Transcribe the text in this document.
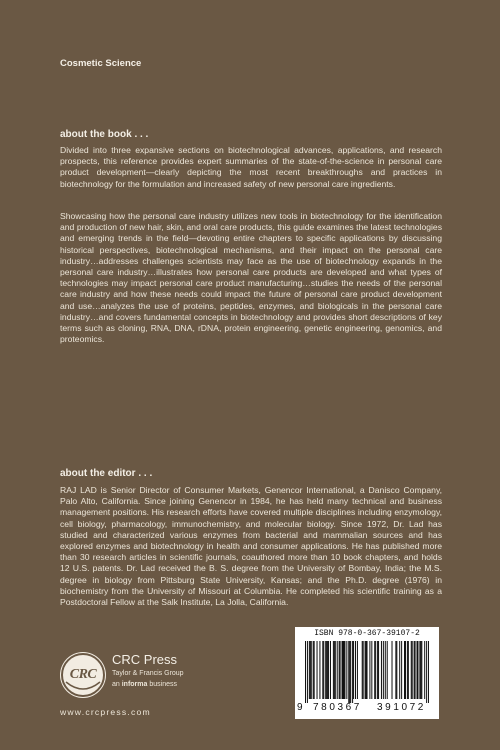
Cosmetic Science
about the book . . .

Divided into three expansive sections on biotechnological advances, applications, and research prospects, this reference provides expert summaries of the state-of-the-science in personal care product development—clearly depicting the most recent breakthroughs and practices in biotechnology for the formulation and increased safety of new personal care ingredients.

Showcasing how the personal care industry utilizes new tools in biotechnology for the identification and production of new hair, skin, and oral care products, this guide examines the latest technologies and emerging trends in the field—devoting entire chapters to specific applications by discussing historical perspectives, biotechnological mechanisms, and their impact on the personal care industry…addresses challenges scientists may face as the use of biotechnology expands in the personal care industry…illustrates how personal care products are developed and what types of technologies may impact personal care product manufacturing…studies the needs of the personal care industry and how these needs could impact the future of personal care product development and use…analyzes the use of proteins, peptides, enzymes, and biologicals in the personal care industry…and covers fundamental concepts in biotechnology and provides short descriptions of key terms such as cloning, RNA, DNA, rDNA, protein engineering, genetic engineering, genomics, and proteomics.

about the editor . . .

RAJ LAD is Senior Director of Consumer Markets, Genencor International, a Danisco Company, Palo Alto, California. Since joining Genencor in 1984, he has held many technical and business management positions. His research efforts have covered multiple disciplines including enzymology, cell biology, pharmacology, immunochemistry, and molecular biology. Since 1972, Dr. Lad has studied and characterized various enzymes from bacterial and mammalian sources and has explored enzymes and biotechnology in health and consumer applications. He has published more than 30 research articles in scientific journals, coauthored more than 10 book chapters, and holds 12 U.S. patents. Dr. Lad received the B. S. degree from the University of Bombay, India; the M.S. degree in biology from Pittsburg State University, Kansas; and the Ph.D. degree (1976) in biochemistry from the University of Missouri at Columbia. He completed his scientific training as a Postdoctoral Fellow at the Salk Institute, La Jolla, California.

CRC
CRC Press
Taylor & Francis Group
an informa business
www.crcpress.com
ISBN 978-0-367-39107-2
9 780367 391072
